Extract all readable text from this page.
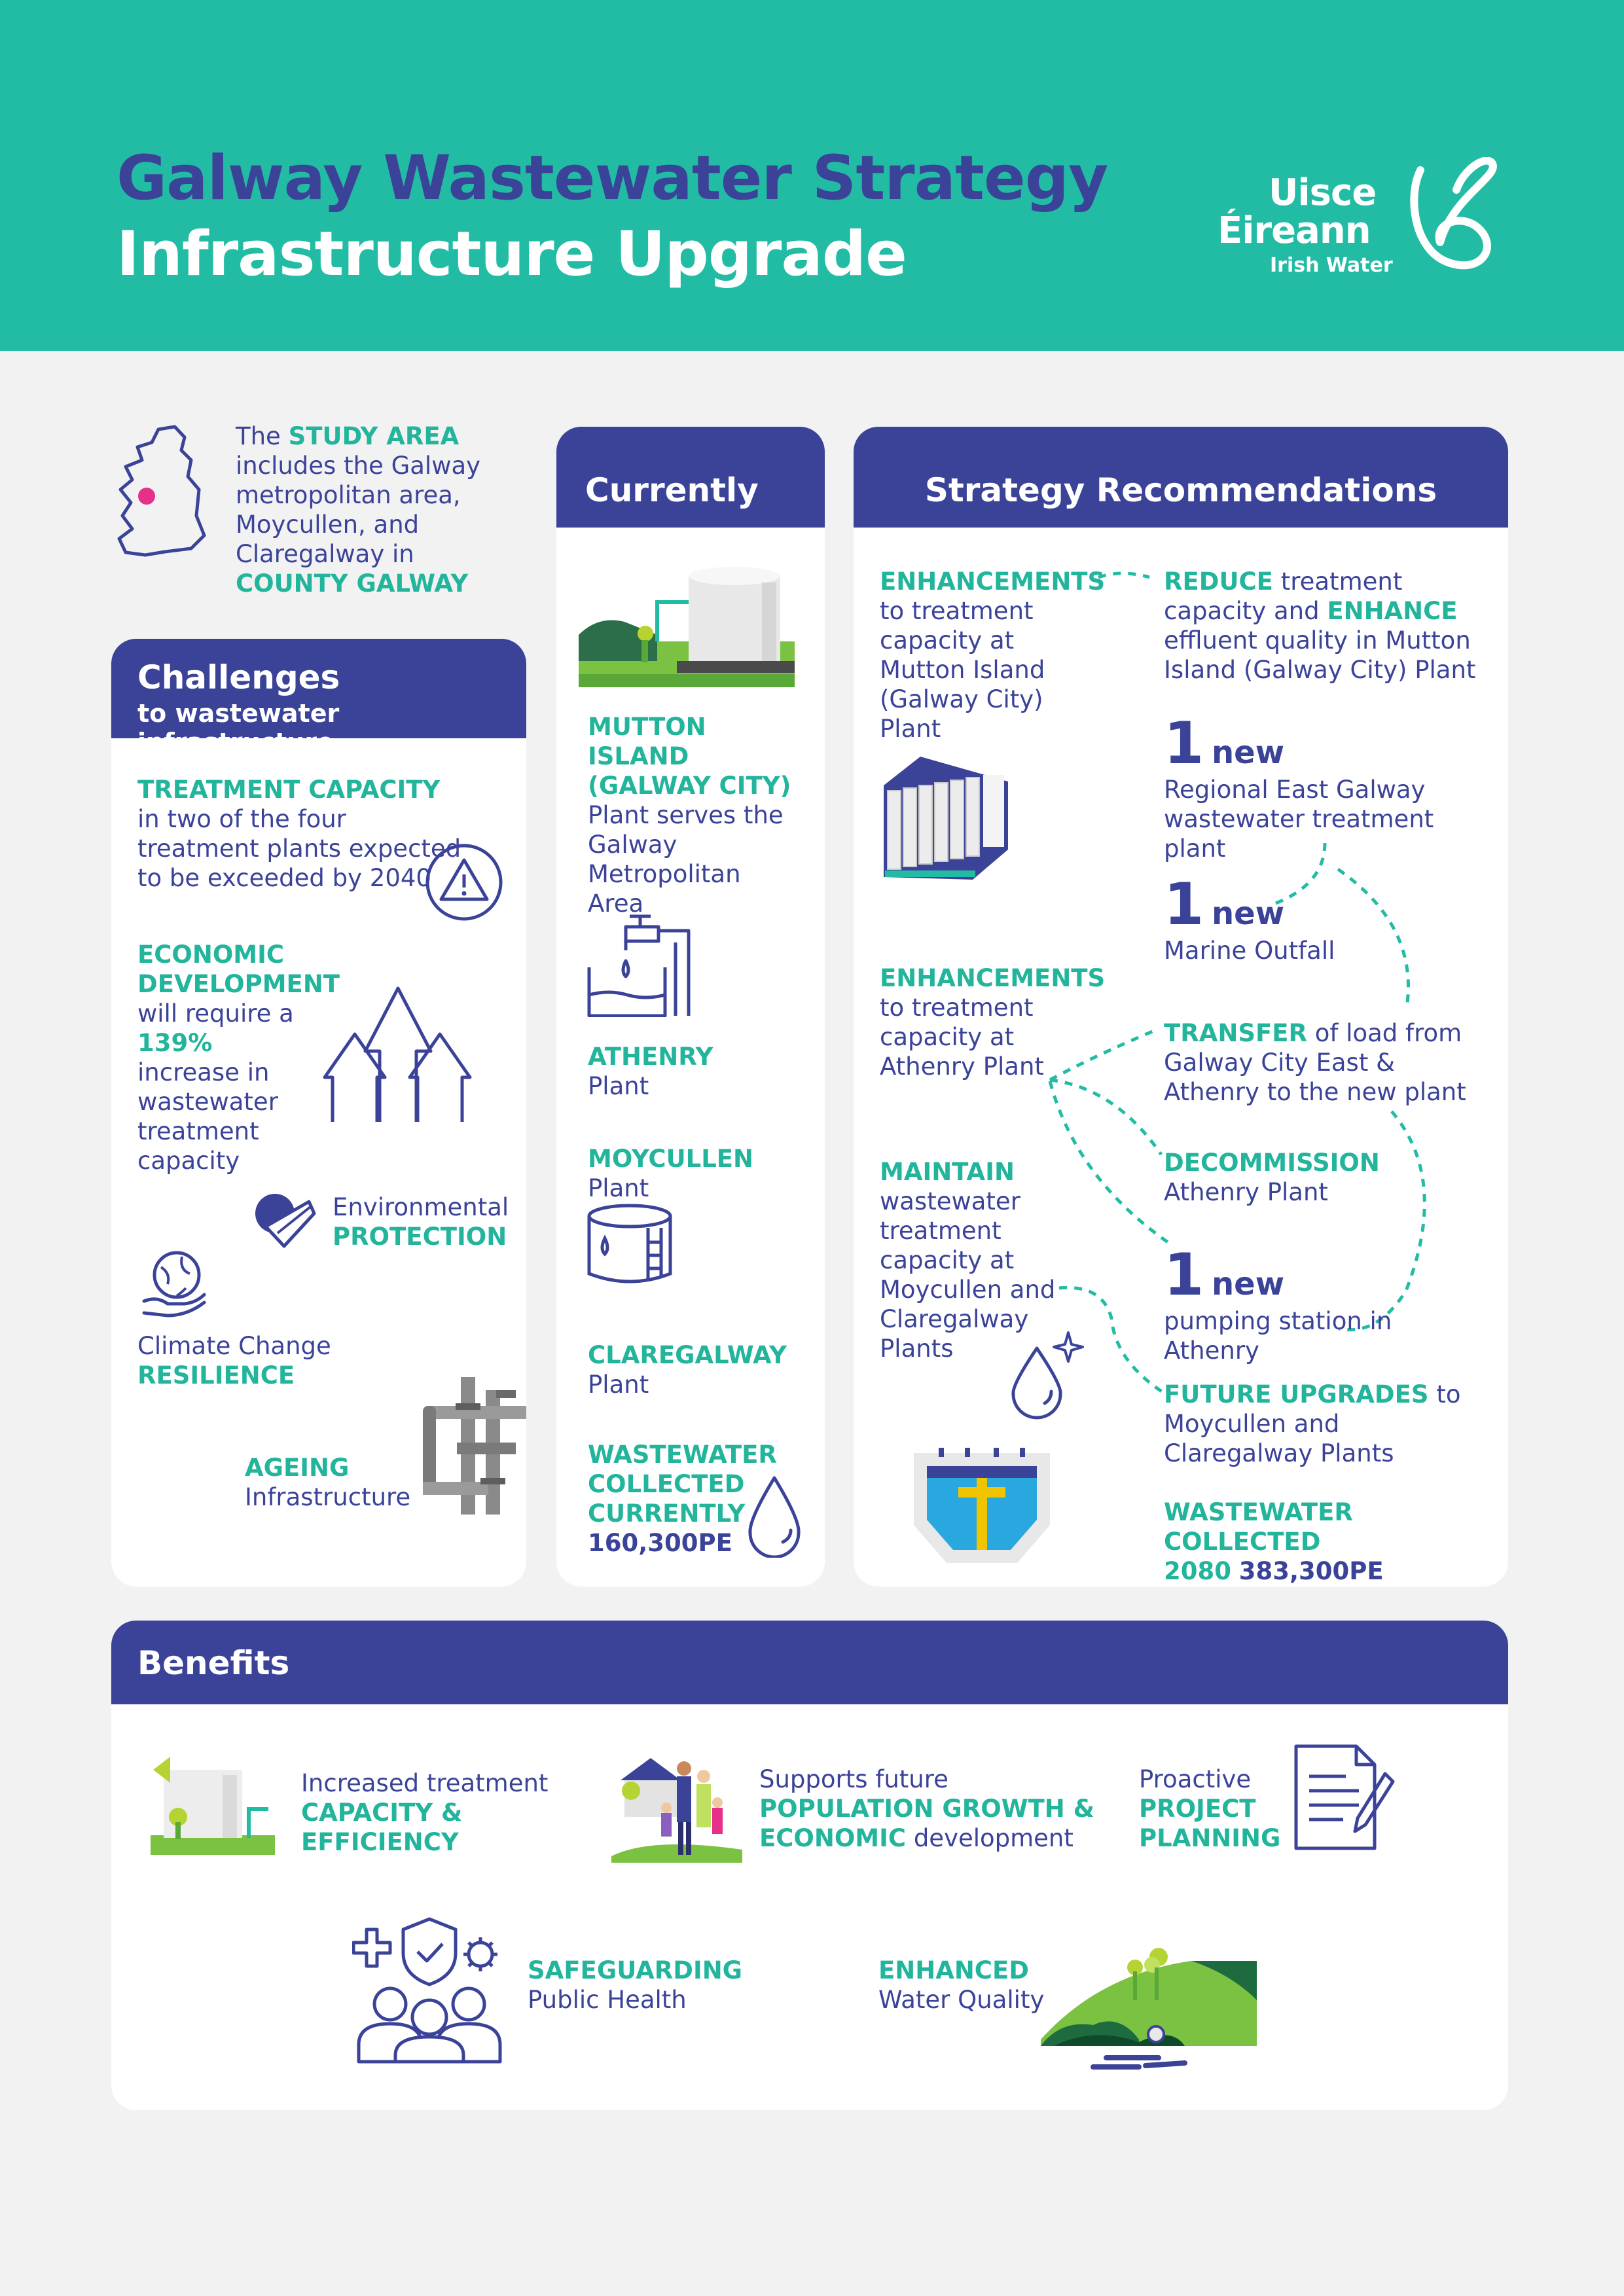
Galway Wastewater Strategy
Infrastructure Upgrade
Uisce
Éireann
Irish Water
The STUDY AREA includes the Galway metropolitan area, Moycullen, and Claregalway in COUNTY GALWAY
Challenges
to wastewater infrastructure
TREATMENT CAPACITY in two of the four treatment plants expected to be exceeded by 2040
ECONOMIC DEVELOPMENT will require a 139% increase in wastewater treatment capacity
Environmental
PROTECTION
Climate Change
RESILIENCE
AGEING
Infrastructure
Currently
MUTTON ISLAND (GALWAY CITY)
Plant serves the Galway Metropolitan Area
ATHENRY
Plant
MOYCULLEN
Plant
CLAREGALWAY
Plant
WASTEWATER COLLECTED CURRENTLY
160,300PE
Strategy Recommendations
ENHANCEMENTS
to treatment capacity at Mutton Island (Galway City) Plant
ENHANCEMENTS
to treatment capacity at Athenry Plant
MAINTAIN
wastewater treatment capacity at Moycullen and Claregalway Plants
REDUCE treatment capacity and ENHANCE effluent quality in Mutton Island (Galway City) Plant
1 new
Regional East Galway wastewater treatment plant
1 new
Marine Outfall
TRANSFER of load from Galway City East & Athenry to the new plant
DECOMMISSION
Athenry Plant
1 new
pumping station in Athenry
FUTURE UPGRADES to Moycullen and Claregalway Plants
WASTEWATER COLLECTED
2080 383,300PE
Benefits
Increased treatment
CAPACITY & EFFICIENCY
Supports future
POPULATION GROWTH & ECONOMIC development
Proactive
PROJECT PLANNING
SAFEGUARDING
Public Health
ENHANCED
Water Quality
